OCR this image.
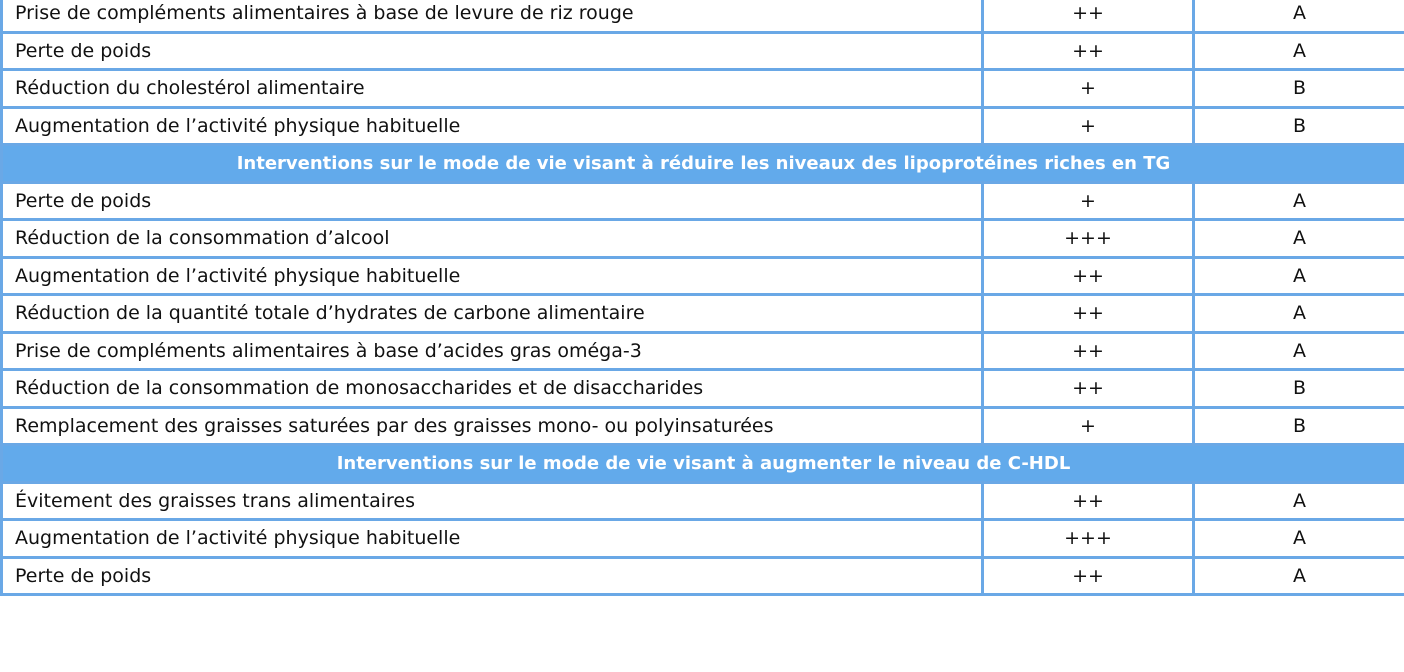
Prise de compléments alimentaires à base de levure de riz rouge	++	A
Perte de poids	++	A
Réduction du cholestérol alimentaire	+	B
Augmentation de l’activité physique habituelle	+	B
Interventions sur le mode de vie visant à réduire les niveaux des lipoprotéines riches en TG		
Perte de poids	+	A
Réduction de la consommation d’alcool	+++	A
Augmentation de l’activité physique habituelle	++	A
Réduction de la quantité totale d’hydrates de carbone alimentaire	++	A
Prise de compléments alimentaires à base d’acides gras oméga-3	++	A
Réduction de la consommation de monosaccharides et de disaccharides	++	B
Remplacement des graisses saturées par des graisses mono- ou polyinsaturées	+	B
Interventions sur le mode de vie visant à augmenter le niveau de C-HDL		
Évitement des graisses trans alimentaires	++	A
Augmentation de l’activité physique habituelle	+++	A
Perte de poids	++	A
